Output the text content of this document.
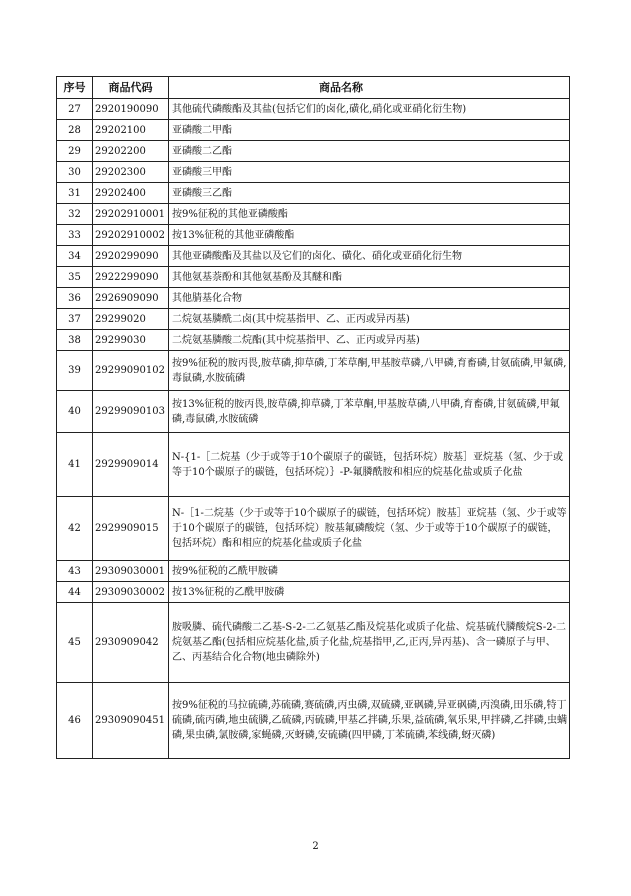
序号	商品代码	商品名称
27	2920190090	其他硫代磷酸酯及其盐(包括它们的卤化,磺化,硝化或亚硝化衍生物)
28	29202100	亚磷酸二甲酯
29	29202200	亚磷酸二乙酯
30	29202300	亚磷酸三甲酯
31	29202400	亚磷酸三乙酯
32	29202910001	按9%征税的其他亚磷酸酯
33	29202910002	按13%征税的其他亚磷酸酯
34	2920299090	其他亚磷酸酯及其盐以及它们的卤化、磺化、硝化或亚硝化衍生物
35	2922299090	其他氨基萘酚和其他氨基酚及其醚和酯
36	2926909090	其他腈基化合物
37	29299020	二烷氨基膦酰二卤(其中烷基指甲、乙、正丙或异丙基)
38	29299030	二烷氨基膦酸二烷酯(其中烷基指甲、乙、正丙或异丙基)
39	29299090102	按9%征税的胺丙畏,胺草磷,抑草磷,丁苯草酮,甲基胺草磷,八甲磷,育畜磷,甘氨硫磷,甲氟磷,毒鼠磷,水胺硫磷
40	29299090103	按13%征税的胺丙畏,胺草磷,抑草磷,丁苯草酮,甲基胺草磷,八甲磷,育畜磷,甘氨硫磷,甲氟磷,毒鼠磷,水胺硫磷
41	2929909014	N-{1-［二烷基（少于或等于10个碳原子的碳链，包括环烷）胺基］亚烷基（氢、少于或等于10个碳原子的碳链，包括环烷）｝-P-氟膦酰胺和相应的烷基化盐或质子化盐
42	2929909015	N-［1-二烷基（少于或等于10个碳原子的碳链，包括环烷）胺基］亚烷基（氢、少于或等于10个碳原子的碳链，包括环烷）胺基氟磷酸烷（氢、少于或等于10个碳原子的碳链，包括环烷）酯和相应的烷基化盐或质子化盐
43	29309030001	按9%征税的乙酰甲胺磷
44	29309030002	按13%征税的乙酰甲胺磷
45	2930909042	胺吸膦、硫代磷酸二乙基-S-2-二乙氨基乙酯及烷基化或质子化盐、烷基硫代膦酸烷S-2-二烷氨基乙酯(包括相应烷基化盐,质子化盐,烷基指甲,乙,正丙,异丙基)、含一磷原子与甲、乙、丙基结合化合物(地虫磷除外)
46	29309090451	按9%征税的马拉硫磷,苏硫磷,赛硫磷,丙虫磷,双硫磷,亚砜磷,异亚砜磷,丙溴磷,田乐磷,特丁硫磷,硫丙磷,地虫硫膦,乙硫磷,丙硫磷,甲基乙拌磷,乐果,益硫磷,氧乐果,甲拌磷,乙拌磷,虫螨磷,果虫磷,氯胺磷,家蝇磷,灭蚜磷,安硫磷(四甲磷,丁苯硫磷,苯线磷,蚜灭磷)
2
